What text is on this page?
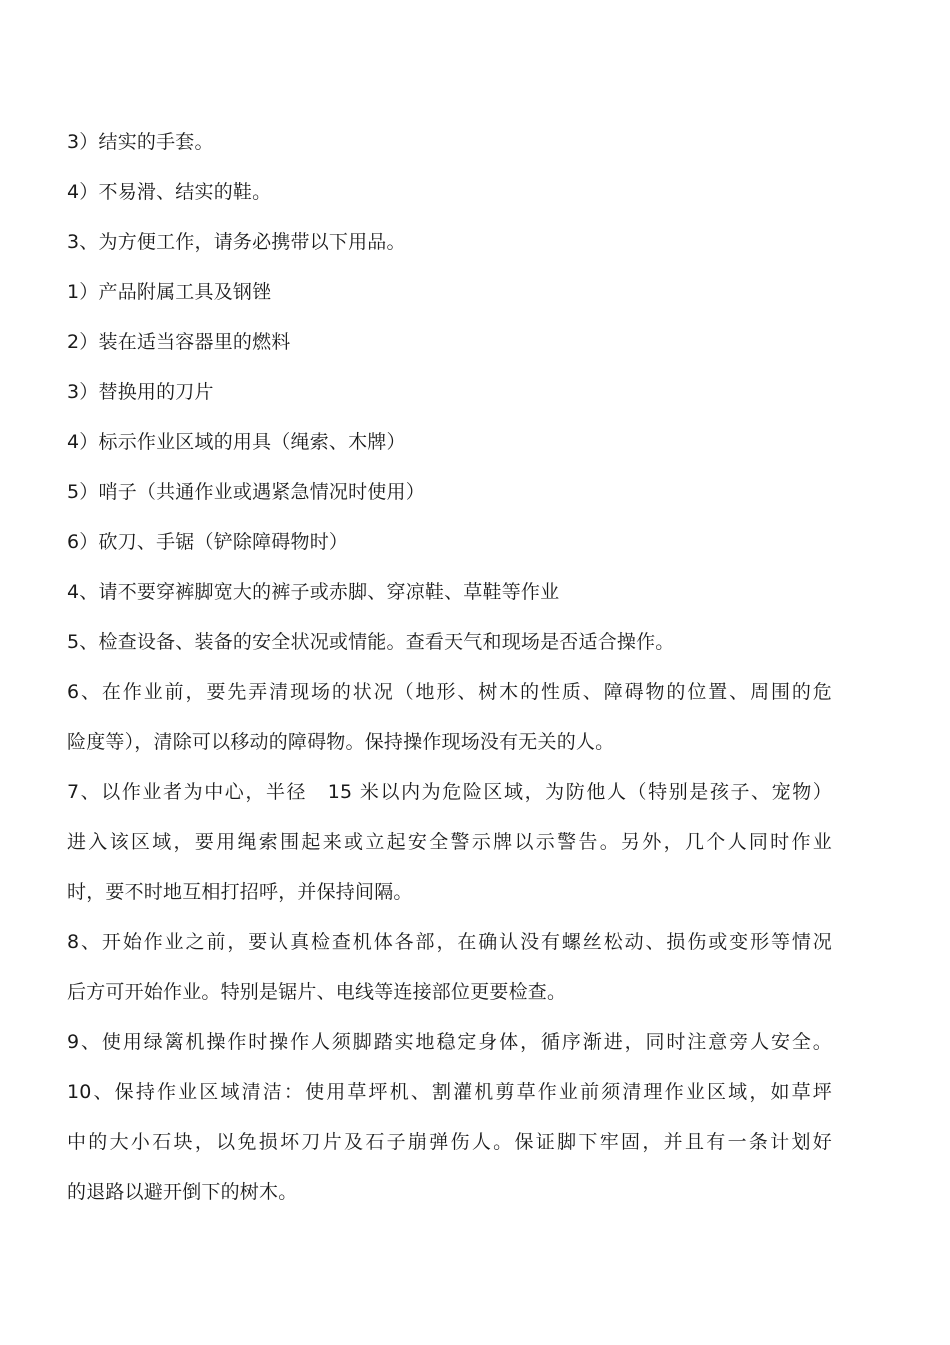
3）结实的手套。
4）不易滑、结实的鞋。
3、为方便工作，请务必携带以下用品。
1）产品附属工具及钢锉
2）装在适当容器里的燃料
3）替换用的刀片
4）标示作业区域的用具（绳索、木牌）
5）哨子（共通作业或遇紧急情况时使用）
6）砍刀、手锯（铲除障碍物时）
4、请不要穿裤脚宽大的裤子或赤脚、穿凉鞋、草鞋等作业
5、检查设备、装备的安全状况或情能。查看天气和现场是否适合操作。
6、在作业前，要先弄清现场的状况（地形、树木的性质、障碍物的位置、周围的危
险度等），清除可以移动的障碍物。保持操作现场没有无关的人。
7、以作业者为中心，半径　15 米以内为危险区域，为防他人（特别是孩子、宠物）
进入该区域，要用绳索围起来或立起安全警示牌以示警告。另外，几个人同时作业
时，要不时地互相打招呼，并保持间隔。
8、开始作业之前，要认真检查机体各部，在确认没有螺丝松动、损伤或变形等情况
后方可开始作业。特别是锯片、电线等连接部位更要检查。
9、使用绿篱机操作时操作人须脚踏实地稳定身体，循序渐进，同时注意旁人安全。
10、保持作业区域清洁：使用草坪机、割灌机剪草作业前须清理作业区域，如草坪
中的大小石块，以免损坏刀片及石子崩弹伤人。保证脚下牢固，并且有一条计划好
的退路以避开倒下的树木。
